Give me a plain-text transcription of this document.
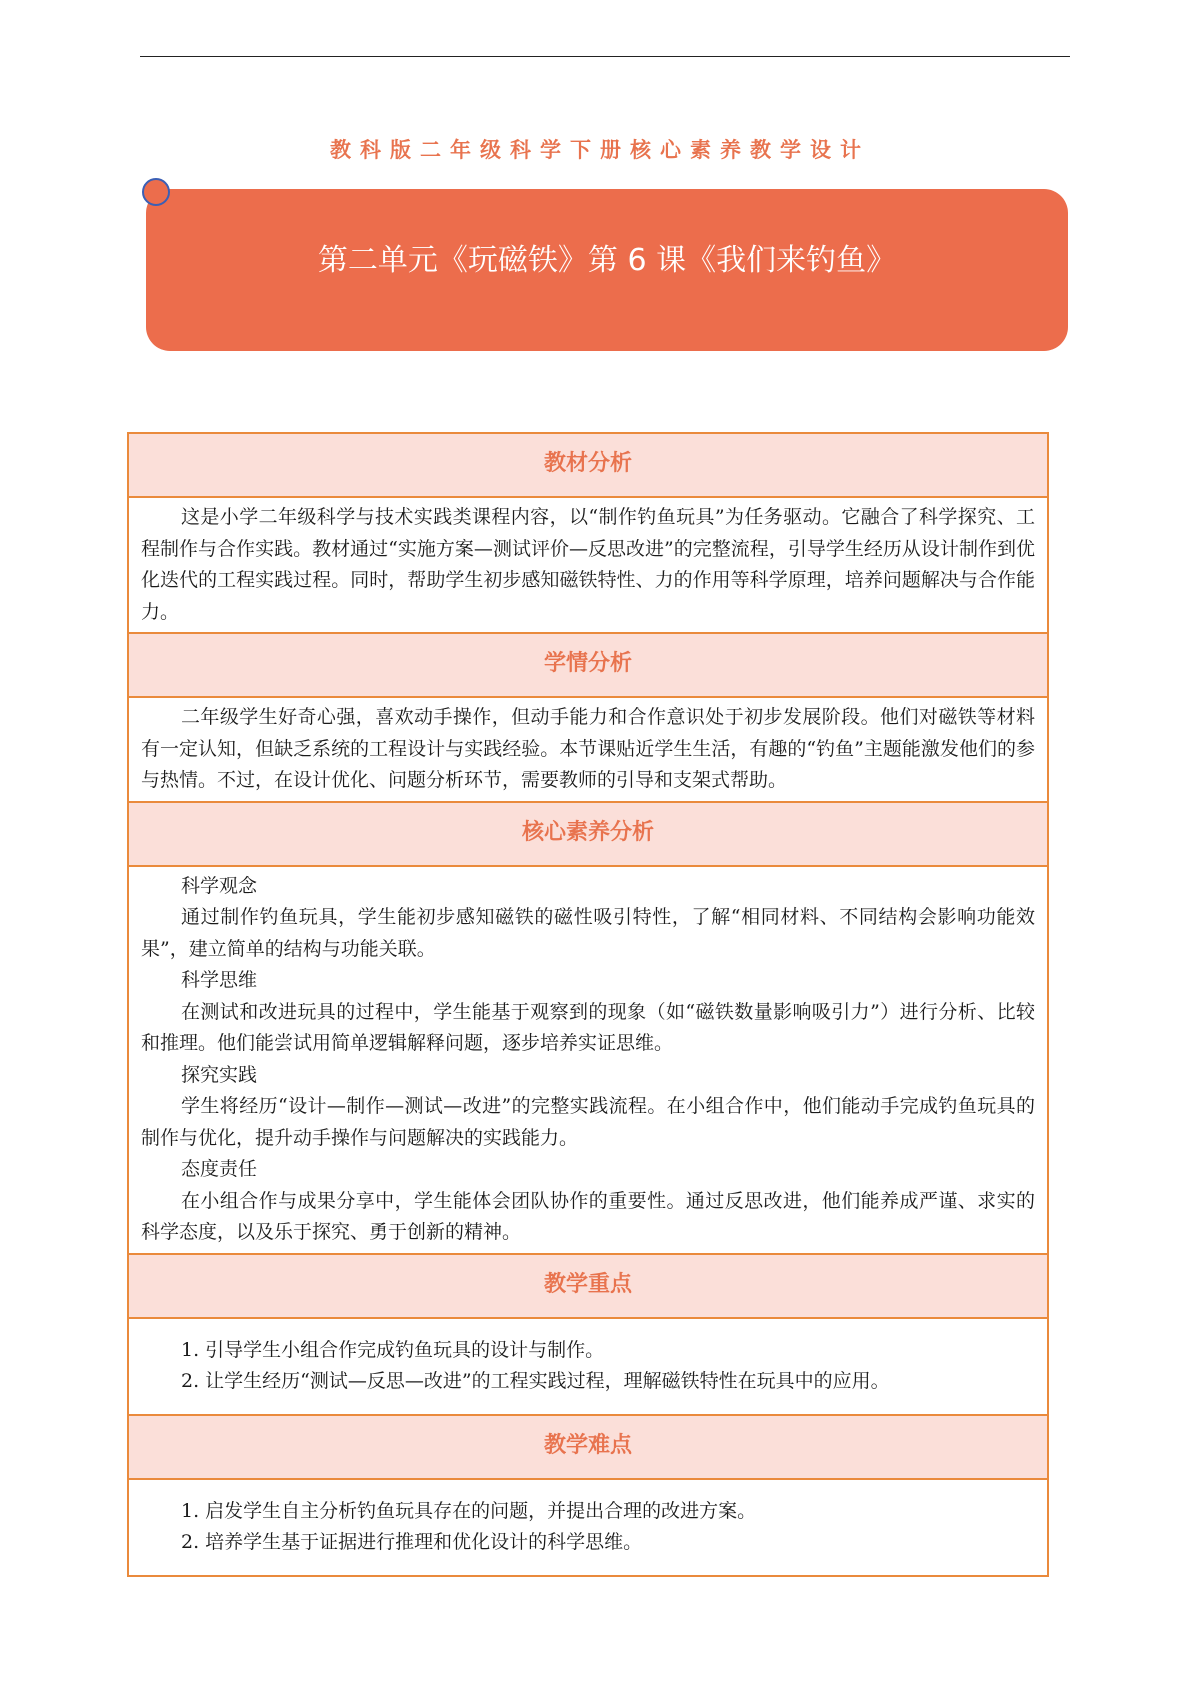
教科版二年级科学下册核心素养教学设计
第二单元《玩磁铁》第 6 课《我们来钓鱼》
教材分析

这是小学二年级科学与技术实践类课程内容，以“制作钓鱼玩具”为任务驱动。它融合了科学探究、工程制作与合作实践。教材通过“实施方案—测试评价—反思改进”的完整流程，引导学生经历从设计制作到优化迭代的工程实践过程。同时，帮助学生初步感知磁铁特性、力的作用等科学原理，培养问题解决与合作能力。

学情分析

二年级学生好奇心强，喜欢动手操作，但动手能力和合作意识处于初步发展阶段。他们对磁铁等材料有一定认知，但缺乏系统的工程设计与实践经验。本节课贴近学生生活，有趣的“钓鱼”主题能激发他们的参与热情。不过，在设计优化、问题分析环节，需要教师的引导和支架式帮助。

核心素养分析

科学观念

通过制作钓鱼玩具，学生能初步感知磁铁的磁性吸引特性，了解“相同材料、不同结构会影响功能效果”，建立简单的结构与功能关联。

科学思维

在测试和改进玩具的过程中，学生能基于观察到的现象（如“磁铁数量影响吸引力”）进行分析、比较和推理。他们能尝试用简单逻辑解释问题，逐步培养实证思维。

探究实践

学生将经历“设计—制作—测试—改进”的完整实践流程。在小组合作中，他们能动手完成钓鱼玩具的制作与优化，提升动手操作与问题解决的实践能力。

态度责任

在小组合作与成果分享中，学生能体会团队协作的重要性。通过反思改进，他们能养成严谨、求实的科学态度，以及乐于探究、勇于创新的精神。

教学重点
1. 引导学生小组合作完成钓鱼玩具的设计与制作。
2. 让学生经历“测试—反思—改进”的工程实践过程，理解磁铁特性在玩具中的应用。
教学难点
1. 启发学生自主分析钓鱼玩具存在的问题，并提出合理的改进方案。
2. 培养学生基于证据进行推理和优化设计的科学思维。
